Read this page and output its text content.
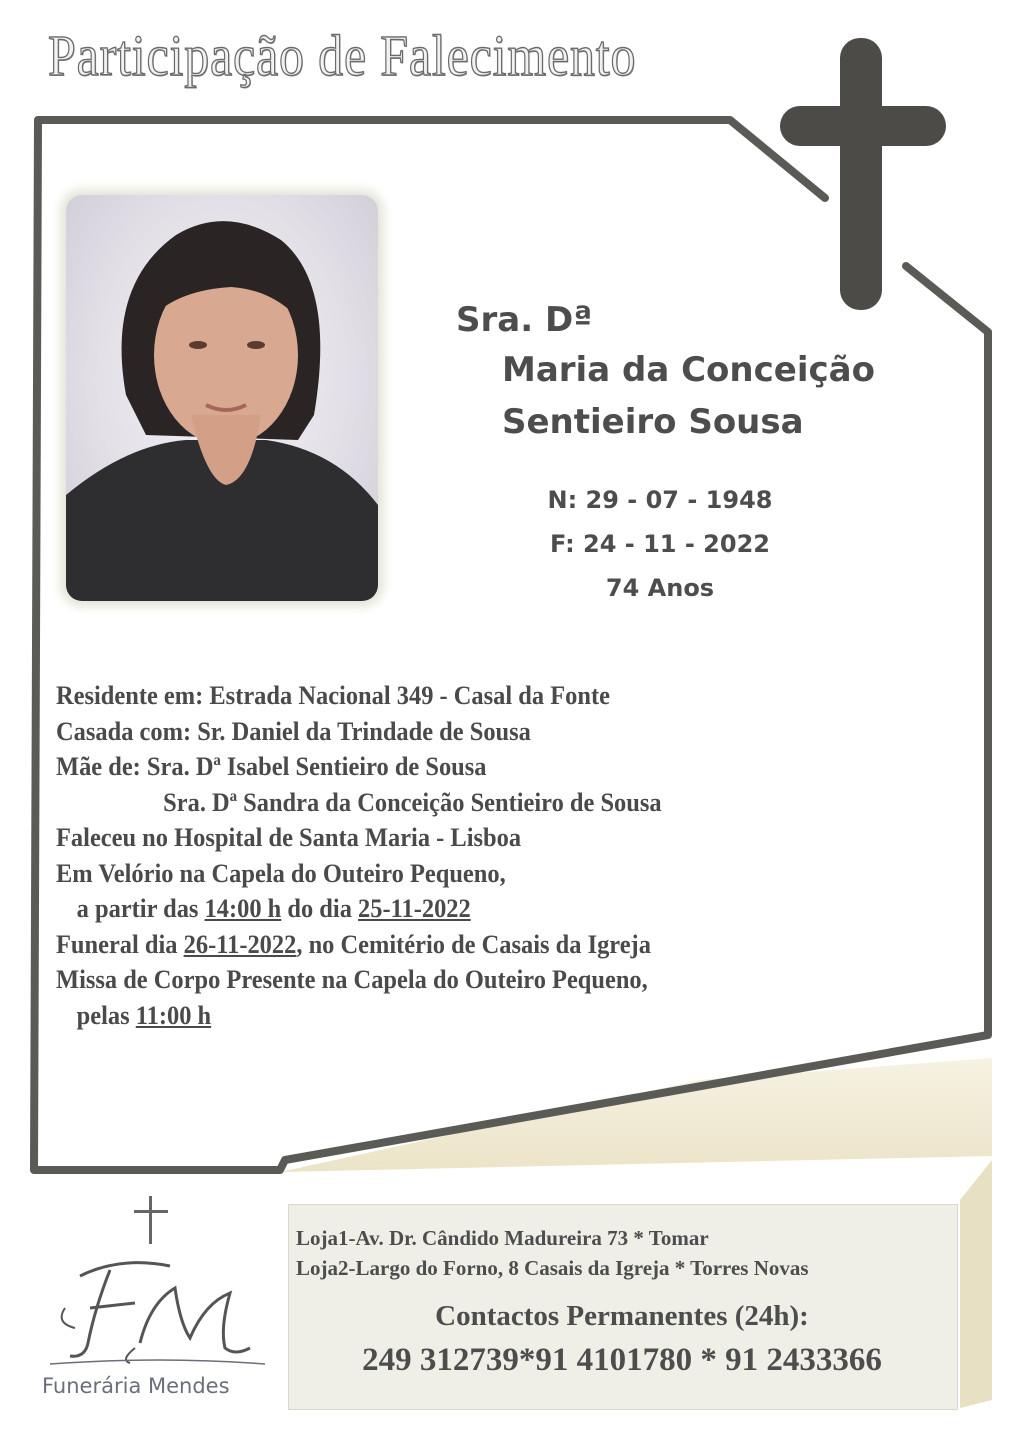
Participação de Falecimento
Sra. Dª
Maria da Conceição
Sentieiro Sousa
N: 29 - 07 - 1948
F: 24 - 11 - 2022
74 Anos
Residente em: Estrada Nacional 349 - Casal da Fonte
Casada com: Sr. Daniel da Trindade de Sousa
Mãe de: Sra. Dª Isabel Sentieiro de Sousa
Sra. Dª Sandra da Conceição Sentieiro de Sousa
Faleceu no Hospital de Santa Maria - Lisboa
Em Velório na Capela do Outeiro Pequeno,
a partir das 14:00 h do dia 25-11-2022
Funeral dia 26-11-2022, no Cemitério de Casais da Igreja
Missa de Corpo Presente na Capela do Outeiro Pequeno,
pelas 11:00 h
Funerária Mendes
Loja1-Av. Dr. Cândido Madureira 73 * Tomar
Loja2-Largo do Forno, 8 Casais da Igreja * Torres Novas
Contactos Permanentes (24h):
249 312739*91 4101780 * 91 2433366
